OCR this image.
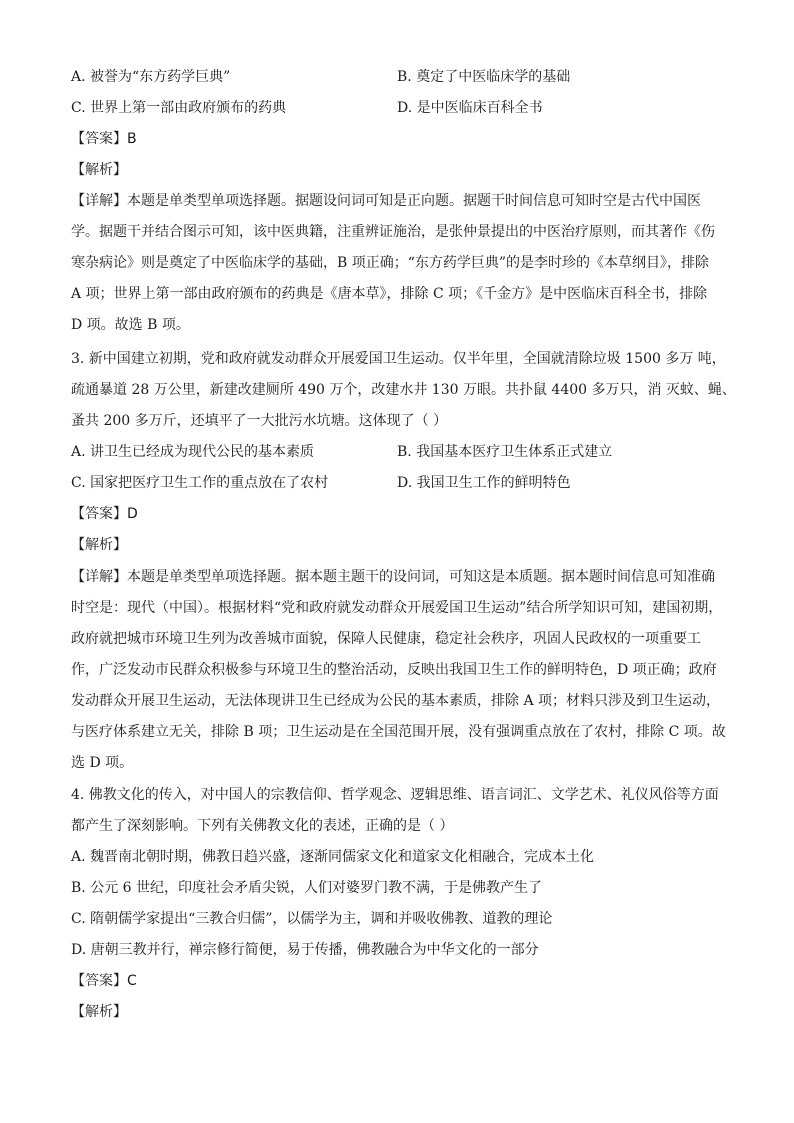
A. 被誉为“东方药学巨典”	B. 奠定了中医临床学的基础
C. 世界上第一部由政府颁布的药典	D. 是中医临床百科全书
【答案】B
【解析】
【详解】本题是单类型单项选择题。据题设问词可知是正向题。据题干时间信息可知时空是古代中国医
学。据题干并结合图示可知，该中医典籍，注重辨证施治，是张仲景提出的中医治疗原则，而其著作《伤
寒杂病论》则是奠定了中医临床学的基础，B 项正确；“东方药学巨典”的是李时珍的《本草纲目》，排除
A 项；世界上第一部由政府颁布的药典是《唐本草》，排除 C 项；《千金方》是中医临床百科全书，排除
D 项。故选 B 项。
3. 新中国建立初期，党和政府就发动群众开展爱国卫生运动。仅半年里，全国就清除垃圾 1500 多万 吨，
疏通暴道 28 万公里，新建改建厕所 490 万个，改建水井 130 万眼。共扑鼠 4400 多万只，消 灭蚊、蝇、
蚤共 200 多万斤，还填平了一大批污水坑塘。这体现了（ ）
A. 讲卫生已经成为现代公民的基本素质	B. 我国基本医疗卫生体系正式建立
C. 国家把医疗卫生工作的重点放在了农村	D. 我国卫生工作的鲜明特色
【答案】D
【解析】
【详解】本题是单类型单项选择题。据本题主题干的设问词，可知这是本质题。据本题时间信息可知准确
时空是：现代（中国）。根据材料“党和政府就发动群众开展爱国卫生运动”结合所学知识可知，建国初期，
政府就把城市环境卫生列为改善城市面貌，保障人民健康，稳定社会秩序，巩固人民政权的一项重要工
作，广泛发动市民群众积极参与环境卫生的整治活动，反映出我国卫生工作的鲜明特色，D 项正确；政府
发动群众开展卫生运动，无法体现讲卫生已经成为公民的基本素质，排除 A 项；材料只涉及到卫生运动，
与医疗体系建立无关，排除 B 项；卫生运动是在全国范围开展，没有强调重点放在了农村，排除 C 项。故
选 D 项。
4. 佛教文化的传入，对中国人的宗教信仰、哲学观念、逻辑思维、语言词汇、文学艺术、礼仪风俗等方面
都产生了深刻影响。下列有关佛教文化的表述，正确的是（ ）
A. 魏晋南北朝时期，佛教日趋兴盛，逐渐同儒家文化和道家文化相融合，完成本土化
B. 公元 6 世纪，印度社会矛盾尖锐，人们对婆罗门教不满，于是佛教产生了
C. 隋朝儒学家提出“三教合归儒”，以儒学为主，调和并吸收佛教、道教的理论
D. 唐朝三教并行，禅宗修行简便，易于传播，佛教融合为中华文化的一部分
【答案】C
【解析】
